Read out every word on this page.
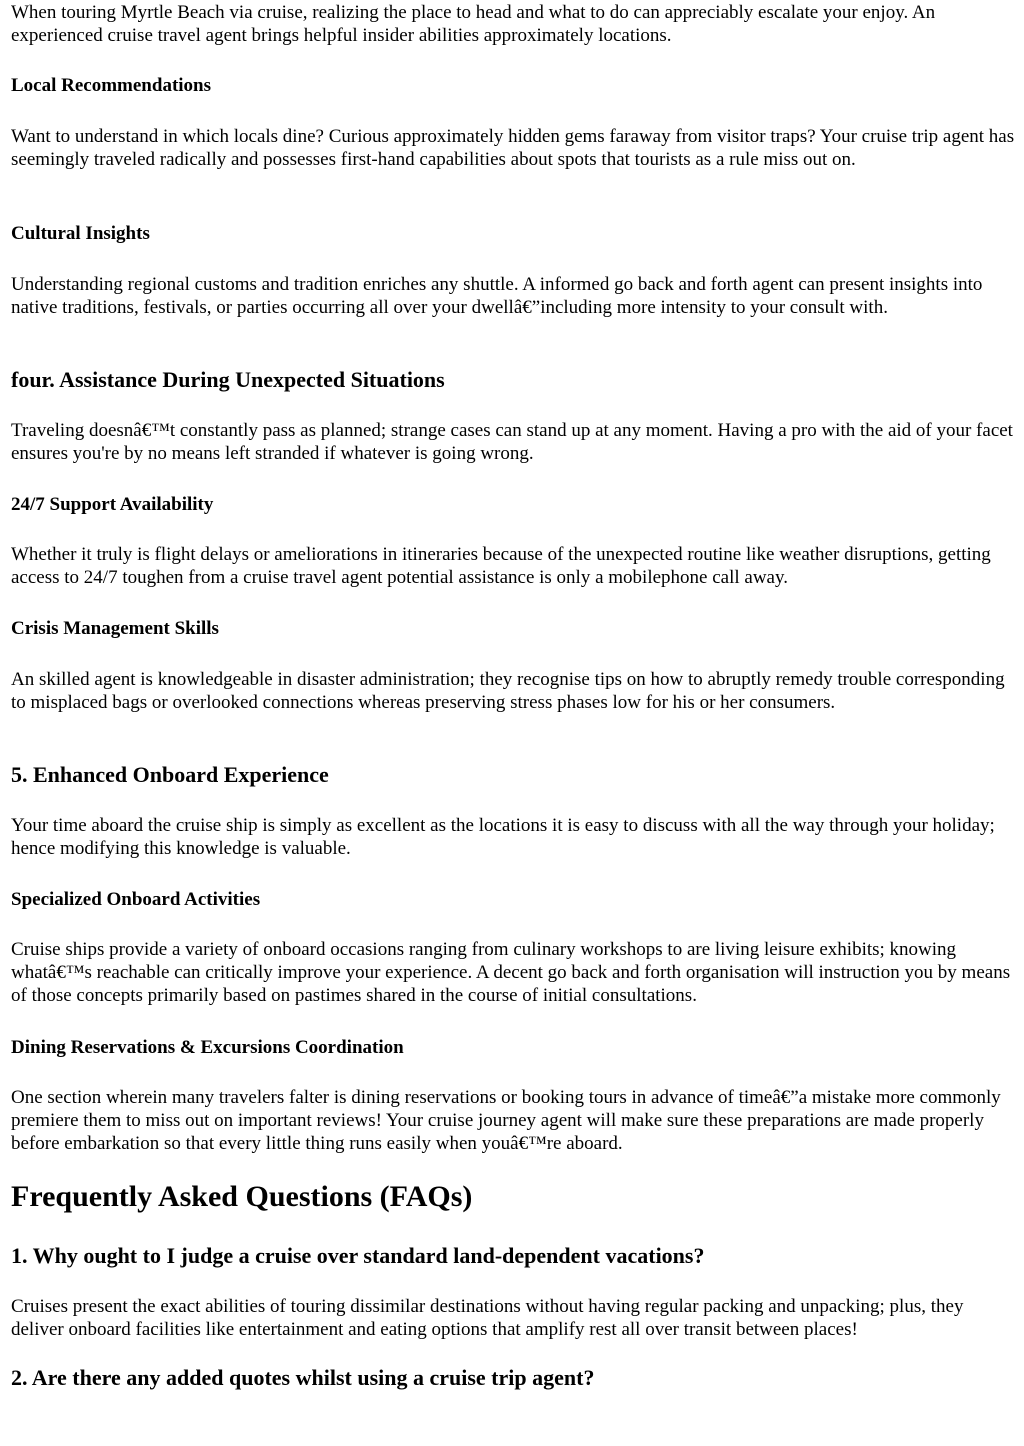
When touring Myrtle Beach via cruise, realizing the place to head and what to do can appreciably escalate your enjoy. An experienced cruise travel agent brings helpful insider abilities approximately locations.

Local Recommendations

Want to understand in which locals dine? Curious approximately hidden gems faraway from visitor traps? Your cruise trip agent has seemingly traveled radically and possesses first-hand capabilities about spots that tourists as a rule miss out on.

Cultural Insights

Understanding regional customs and tradition enriches any shuttle. A informed go back and forth agent can present insights into native traditions, festivals, or parties occurring all over your dwellâ€”including more intensity to your consult with.

four. Assistance During Unexpected Situations

Traveling doesnâ€™t constantly pass as planned; strange cases can stand up at any moment. Having a pro with the aid of your facet ensures you're by no means left stranded if whatever is going wrong.

24/7 Support Availability

Whether it truly is flight delays or ameliorations in itineraries because of the unexpected routine like weather disruptions, getting access to 24/7 toughen from a cruise travel agent potential assistance is only a mobilephone call away.

Crisis Management Skills

An skilled agent is knowledgeable in disaster administration; they recognise tips on how to abruptly remedy trouble corresponding to misplaced bags or overlooked connections whereas preserving stress phases low for his or her consumers.

5. Enhanced Onboard Experience

Your time aboard the cruise ship is simply as excellent as the locations it is easy to discuss with all the way through your holiday; hence modifying this knowledge is valuable.

Specialized Onboard Activities

Cruise ships provide a variety of onboard occasions ranging from culinary workshops to are living leisure exhibits; knowing whatâ€™s reachable can critically improve your experience. A decent go back and forth organisation will instruction you by means of those concepts primarily based on pastimes shared in the course of initial consultations.

Dining Reservations & Excursions Coordination

One section wherein many travelers falter is dining reservations or booking tours in advance of timeâ€”a mistake more commonly premiere them to miss out on important reviews! Your cruise journey agent will make sure these preparations are made properly before embarkation so that every little thing runs easily when youâ€™re aboard.

Frequently Asked Questions (FAQs)
1. Why ought to I judge a cruise over standard land-dependent vacations?

Cruises present the exact abilities of touring dissimilar destinations without having regular packing and unpacking; plus, they deliver onboard facilities like entertainment and eating options that amplify rest all over transit between places!

2. Are there any added quotes whilst using a cruise trip agent?
